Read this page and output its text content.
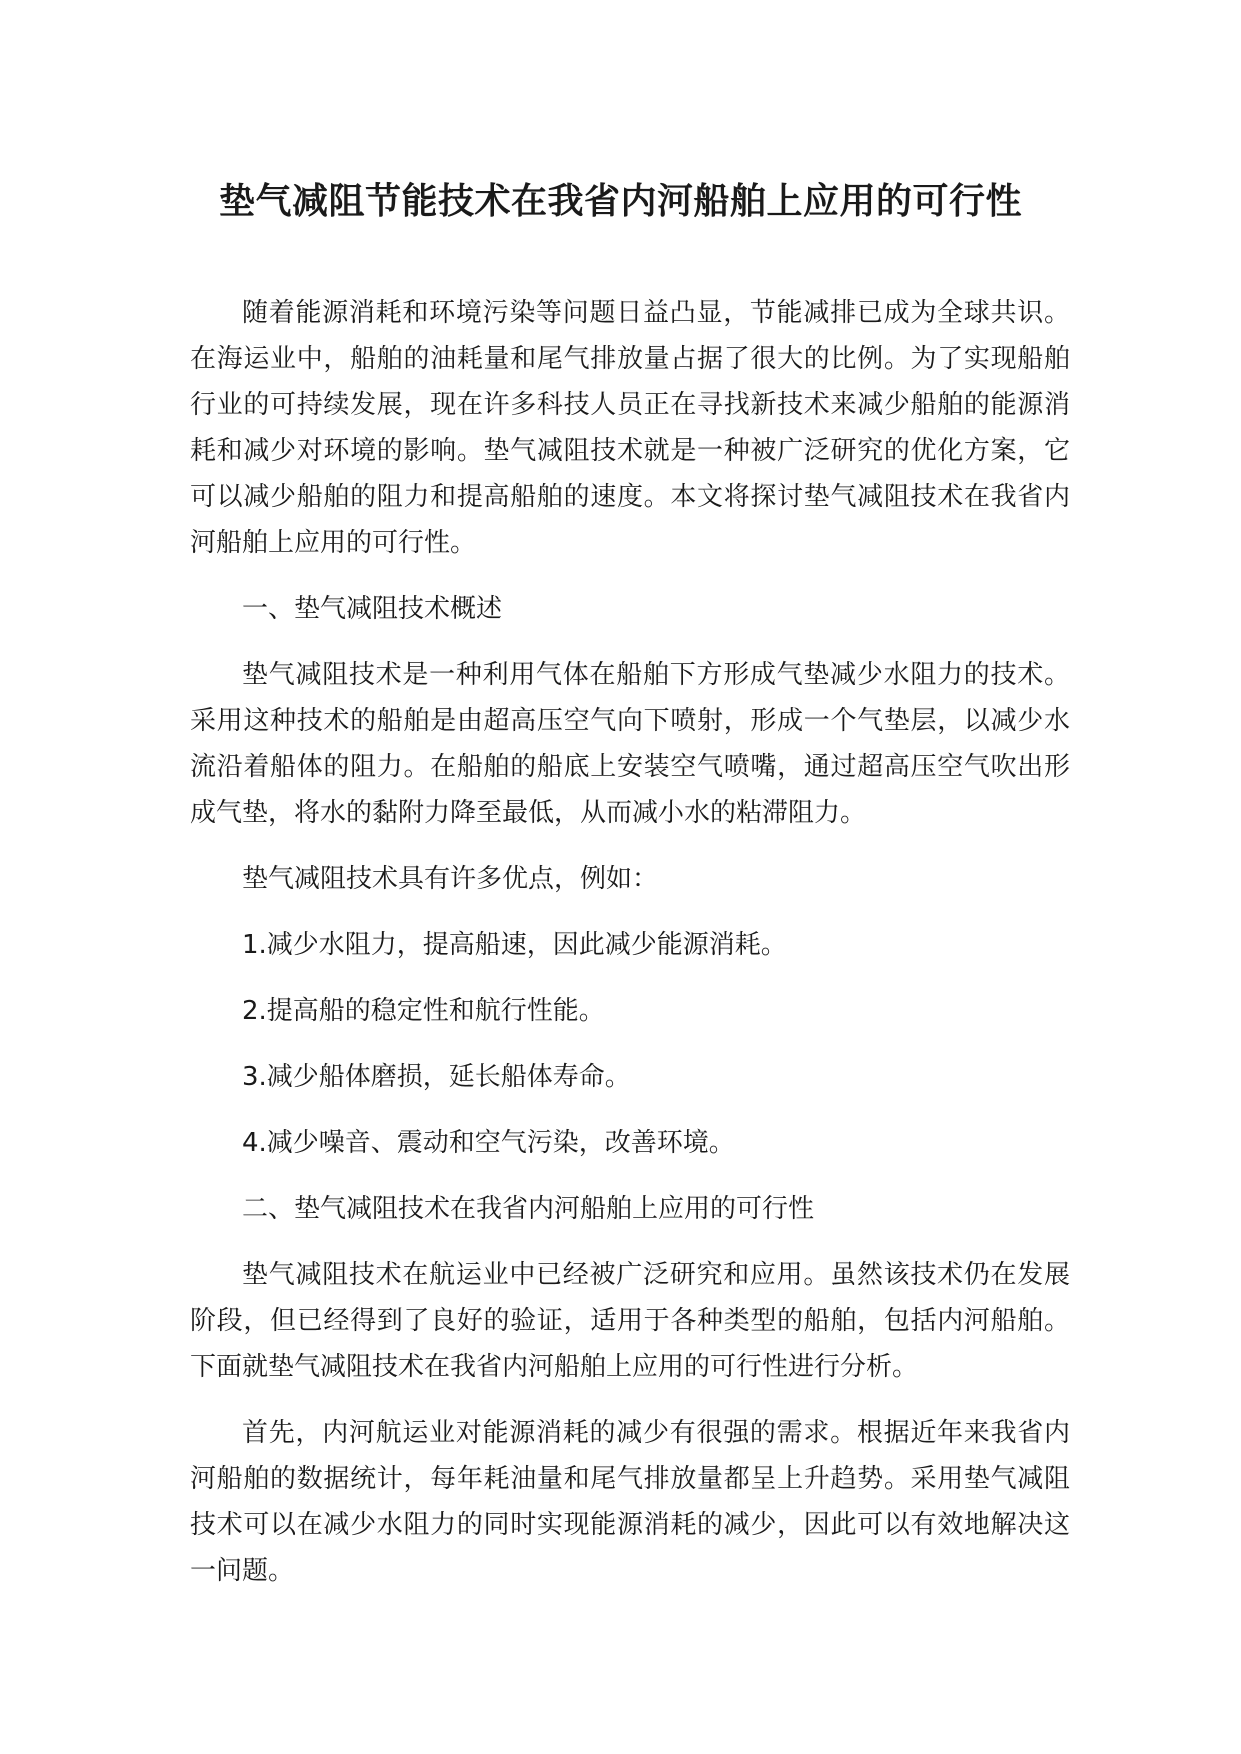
垫气减阻节能技术在我省内河船舶上应用的可行性

随着能源消耗和环境污染等问题日益凸显，节能减排已成为全球共识。在海运业中，船舶的油耗量和尾气排放量占据了很大的比例。为了实现船舶行业的可持续发展，现在许多科技人员正在寻找新技术来减少船舶的能源消耗和减少对环境的影响。垫气减阻技术就是一种被广泛研究的优化方案，它可以减少船舶的阻力和提高船舶的速度。本文将探讨垫气减阻技术在我省内河船舶上应用的可行性。

一、垫气减阻技术概述

垫气减阻技术是一种利用气体在船舶下方形成气垫减少水阻力的技术。采用这种技术的船舶是由超高压空气向下喷射，形成一个气垫层，以减少水流沿着船体的阻力。在船舶的船底上安装空气喷嘴，通过超高压空气吹出形成气垫，将水的黏附力降至最低，从而减小水的粘滞阻力。

垫气减阻技术具有许多优点，例如：

1.减少水阻力，提高船速，因此减少能源消耗。

2.提高船的稳定性和航行性能。

3.减少船体磨损，延长船体寿命。

4.减少噪音、震动和空气污染，改善环境。

二、垫气减阻技术在我省内河船舶上应用的可行性

垫气减阻技术在航运业中已经被广泛研究和应用。虽然该技术仍在发展阶段，但已经得到了良好的验证，适用于各种类型的船舶，包括内河船舶。下面就垫气减阻技术在我省内河船舶上应用的可行性进行分析。

首先，内河航运业对能源消耗的减少有很强的需求。根据近年来我省内河船舶的数据统计，每年耗油量和尾气排放量都呈上升趋势。采用垫气减阻技术可以在减少水阻力的同时实现能源消耗的减少，因此可以有效地解决这一问题。
